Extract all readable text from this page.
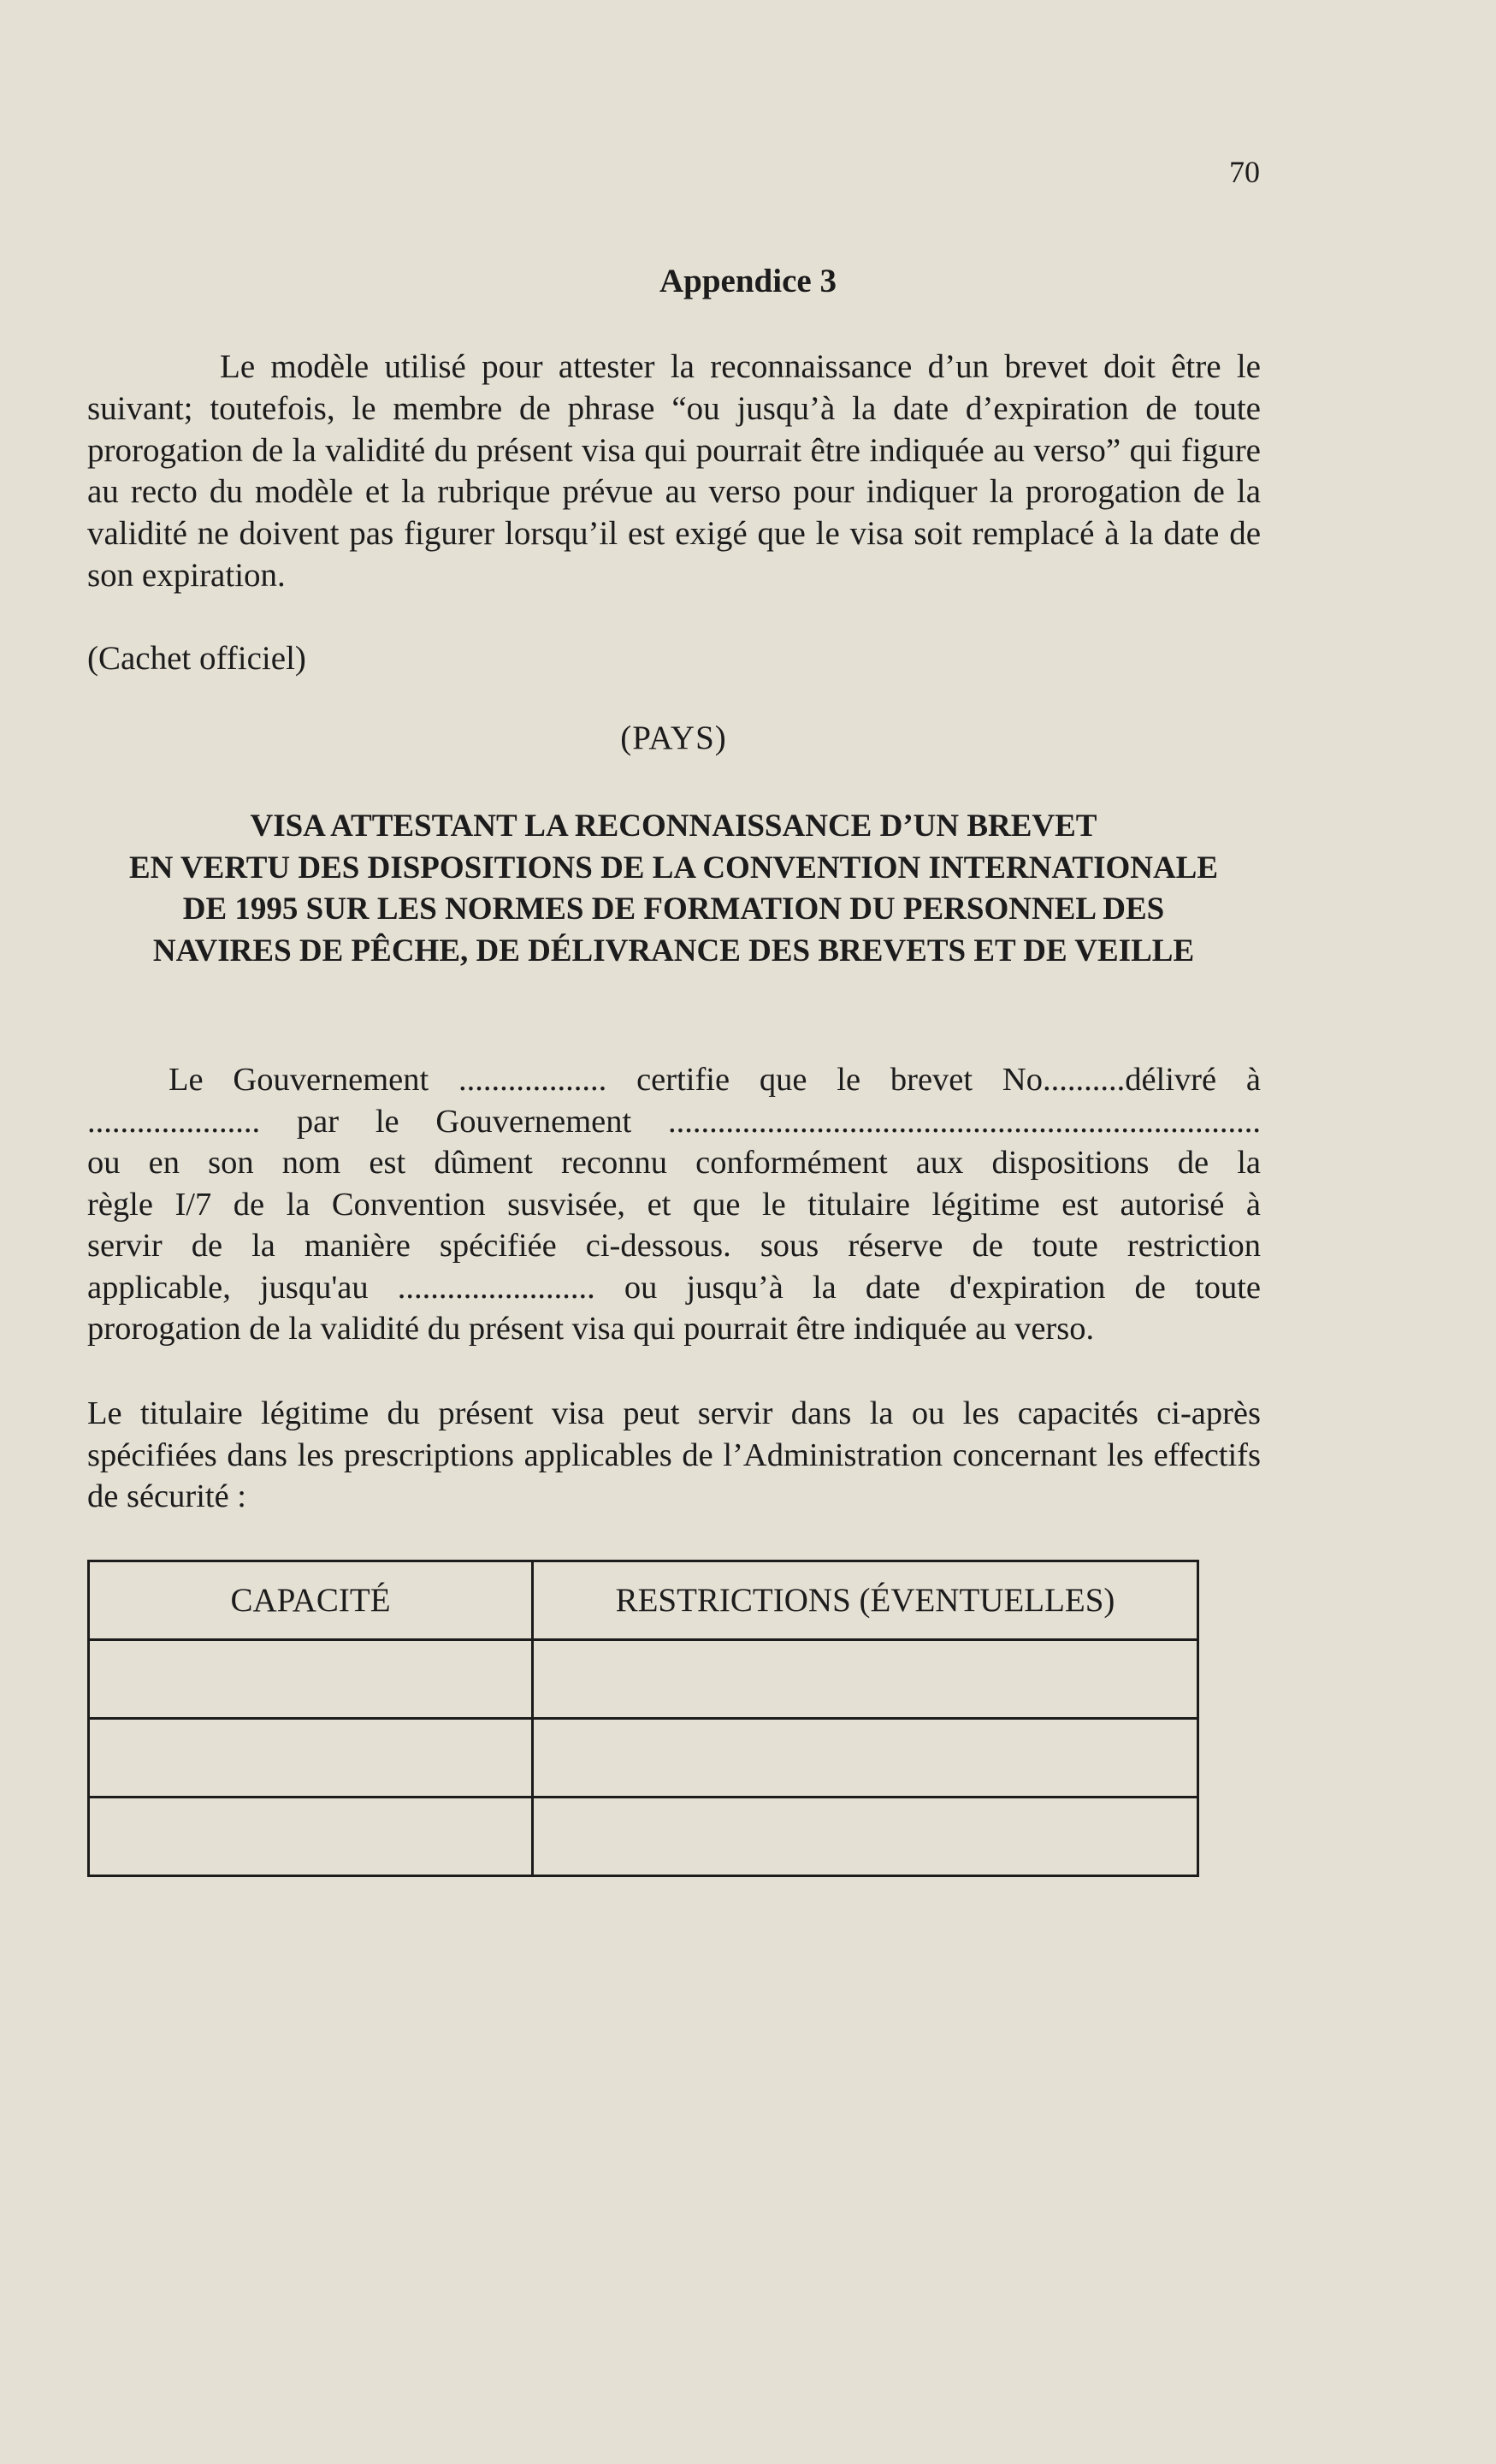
70
Appendice 3

Le modèle utilisé pour attester la reconnaissance d’un brevet doit être le suivant; toutefois, le membre de phrase “ou jusqu’à la date d’expiration de toute prorogation de la validité du présent visa qui pourrait être indiquée au verso” qui figure au recto du modèle et la rubrique prévue au verso pour indiquer la prorogation de la validité ne doivent pas figurer lorsqu’il est exigé que le visa soit remplacé à la date de son expiration.

(Cachet officiel)

(PAYS)

VISA ATTESTANT LA RECONNAISSANCE D’UN BREVET
EN VERTU DES DISPOSITIONS DE LA CONVENTION INTERNATIONALE
DE 1995 SUR LES NORMES DE FORMATION DU PERSONNEL DES
NAVIRES DE PÊCHE, DE DÉLIVRANCE DES BREVETS ET DE VEILLE
Le Gouvernement .................. certifie que le brevet No..........délivré à
..................... par le Gouvernement ........................................................................
ou en son nom est dûment reconnu conformément aux dispositions de la
règle I/7 de la Convention susvisée, et que le titulaire légitime est autorisé à
servir de la manière spécifiée ci-dessous. sous réserve de toute restriction
applicable, jusqu'au ........................ ou jusqu’à la date d'expiration de toute
prorogation de la validité du présent visa qui pourrait être indiquée au verso.

Le titulaire légitime du présent visa peut servir dans la ou les capacités ci-après spécifiées dans les prescriptions applicables de l’Administration concernant les effectifs de sécurité :

CAPACITÉ	RESTRICTIONS (ÉVENTUELLES)
